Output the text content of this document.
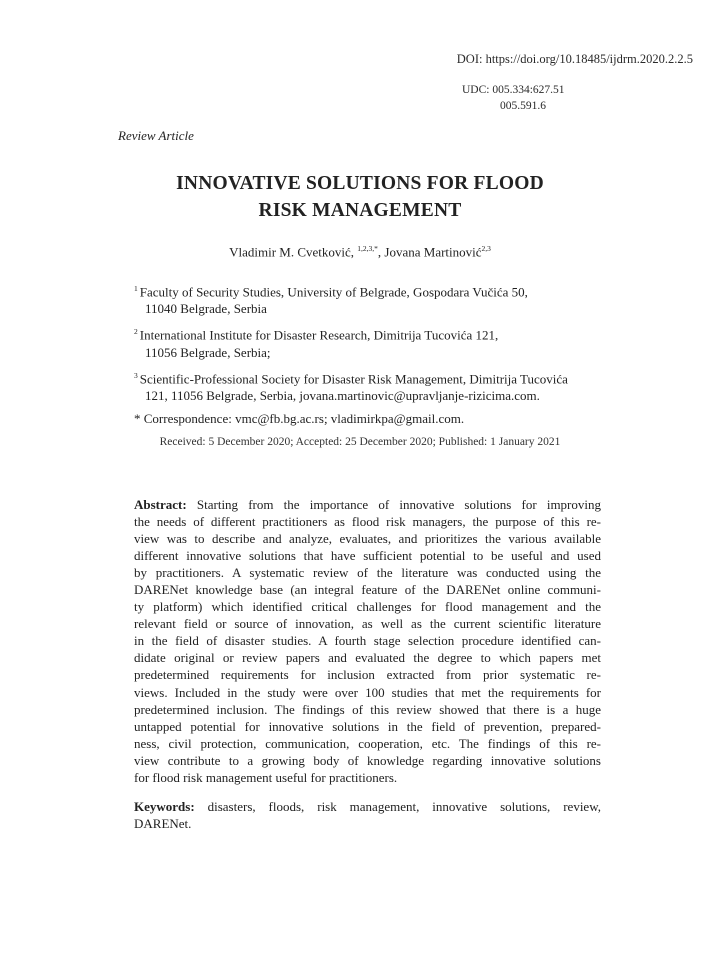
DOI: https://doi.org/10.18485/ijdrm.2020.2.2.5
UDC: 005.334:627.51
005.591.6
Review Article
INNOVATIVE SOLUTIONS FOR FLOOD
RISK MANAGEMENT
Vladimir M. Cvetković, $^{1,2,3,*}$, Jovana Martinović$^{2,3}$

$^1$ Faculty of Security Studies, University of Belgrade, Gospodara Vučića 50,
11040 Belgrade, Serbia

$^2$ International Institute for Disaster Research, Dimitrija Tucovića 121,
11056 Belgrade, Serbia;

$^3$ Scientific-Professional Society for Disaster Risk Management, Dimitrija Tucovića
121, 11056 Belgrade, Serbia, jovana.martinovic@upravljanje-rizicima.com.

* Correspondence: vmc@fb.bg.ac.rs; vladimirkpa@gmail.com.

Received: 5 December 2020; Accepted: 25 December 2020; Published: 1 January 2021
Abstract: Starting from the importance of innovative solutions for improving
the needs of different practitioners as flood risk managers, the purpose of this re-
view was to describe and analyze, evaluates, and prioritizes the various available
different innovative solutions that have sufficient potential to be useful and used
by practitioners. A systematic review of the literature was conducted using the
DARENet knowledge base (an integral feature of the DARENet online communi-
ty platform) which identified critical challenges for flood management and the
relevant field or source of innovation, as well as the current scientific literature
in the field of disaster studies. A fourth stage selection procedure identified can-
didate original or review papers and evaluated the degree to which papers met
predetermined requirements for inclusion extracted from prior systematic re-
views. Included in the study were over 100 studies that met the requirements for
predetermined inclusion. The findings of this review showed that there is a huge
untapped potential for innovative solutions in the field of prevention, prepared-
ness, civil protection, communication, cooperation, etc. The findings of this re-
view contribute to a growing body of knowledge regarding innovative solutions
for flood risk management useful for practitioners.
Keywords: disasters, floods, risk management, innovative solutions, review,
DARENet.
